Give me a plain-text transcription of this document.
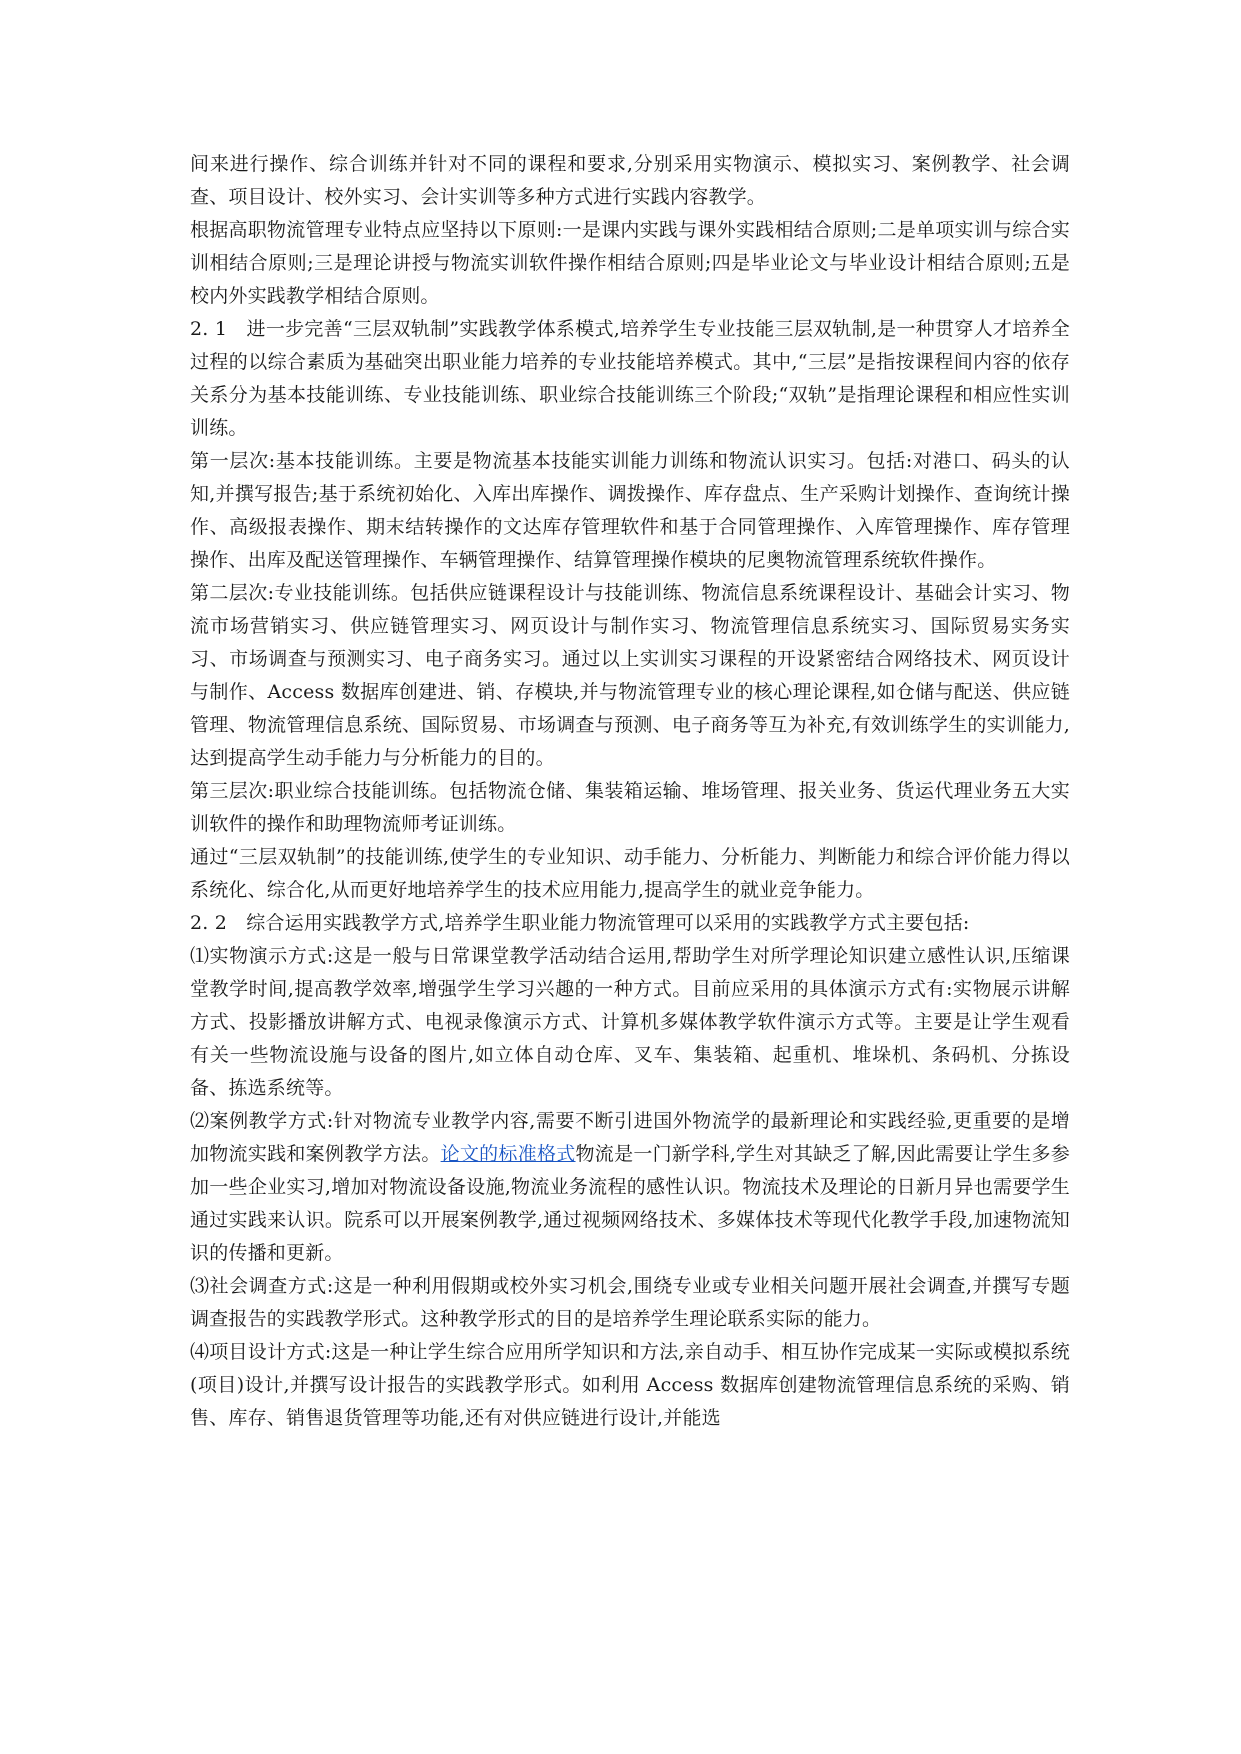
间来进行操作、综合训练并针对不同的课程和要求,分别采用实物演示、模拟实习、案例教学、社会调查、项目设计、校外实习、会计实训等多种方式进行实践内容教学。

根据高职物流管理专业特点应坚持以下原则:一是课内实践与课外实践相结合原则;二是单项实训与综合实训相结合原则;三是理论讲授与物流实训软件操作相结合原则;四是毕业论文与毕业设计相结合原则;五是校内外实践教学相结合原则。

2. 1　进一步完善“三层双轨制”实践教学体系模式,培养学生专业技能三层双轨制,是一种贯穿人才培养全过程的以综合素质为基础突出职业能力培养的专业技能培养模式。其中,“三层”是指按课程间内容的依存关系分为基本技能训练、专业技能训练、职业综合技能训练三个阶段;“双轨”是指理论课程和相应性实训训练。

第一层次:基本技能训练。主要是物流基本技能实训能力训练和物流认识实习。包括:对港口、码头的认知,并撰写报告;基于系统初始化、入库出库操作、调拨操作、库存盘点、生产采购计划操作、查询统计操作、高级报表操作、期末结转操作的文达库存管理软件和基于合同管理操作、入库管理操作、库存管理操作、出库及配送管理操作、车辆管理操作、结算管理操作模块的尼奥物流管理系统软件操作。

第二层次:专业技能训练。包括供应链课程设计与技能训练、物流信息系统课程设计、基础会计实习、物流市场营销实习、供应链管理实习、网页设计与制作实习、物流管理信息系统实习、国际贸易实务实习、市场调查与预测实习、电子商务实习。通过以上实训实习课程的开设紧密结合网络技术、网页设计与制作、Access 数据库创建进、销、存模块,并与物流管理专业的核心理论课程,如仓储与配送、供应链管理、物流管理信息系统、国际贸易、市场调查与预测、电子商务等互为补充,有效训练学生的实训能力,达到提高学生动手能力与分析能力的目的。

第三层次:职业综合技能训练。包括物流仓储、集装箱运输、堆场管理、报关业务、货运代理业务五大实训软件的操作和助理物流师考证训练。

通过“三层双轨制”的技能训练,使学生的专业知识、动手能力、分析能力、判断能力和综合评价能力得以系统化、综合化,从而更好地培养学生的技术应用能力,提高学生的就业竞争能力。

2. 2　综合运用实践教学方式,培养学生职业能力物流管理可以采用的实践教学方式主要包括:

⑴实物演示方式:这是一般与日常课堂教学活动结合运用,帮助学生对所学理论知识建立感性认识,压缩课堂教学时间,提高教学效率,增强学生学习兴趣的一种方式。目前应采用的具体演示方式有:实物展示讲解方式、投影播放讲解方式、电视录像演示方式、计算机多媒体教学软件演示方式等。主要是让学生观看有关一些物流设施与设备的图片,如立体自动仓库、叉车、集装箱、起重机、堆垛机、条码机、分拣设备、拣选系统等。

⑵案例教学方式:针对物流专业教学内容,需要不断引进国外物流学的最新理论和实践经验,更重要的是增加物流实践和案例教学方法。论文的标准格式物流是一门新学科,学生对其缺乏了解,因此需要让学生多参加一些企业实习,增加对物流设备设施,物流业务流程的感性认识。物流技术及理论的日新月异也需要学生通过实践来认识。院系可以开展案例教学,通过视频网络技术、多媒体技术等现代化教学手段,加速物流知识的传播和更新。

⑶社会调查方式:这是一种利用假期或校外实习机会,围绕专业或专业相关问题开展社会调查,并撰写专题调查报告的实践教学形式。这种教学形式的目的是培养学生理论联系实际的能力。

⑷项目设计方式:这是一种让学生综合应用所学知识和方法,亲自动手、相互协作完成某一实际或模拟系统(项目)设计,并撰写设计报告的实践教学形式。如利用 Access 数据库创建物流管理信息系统的采购、销售、库存、销售退货管理等功能,还有对供应链进行设计,并能选
